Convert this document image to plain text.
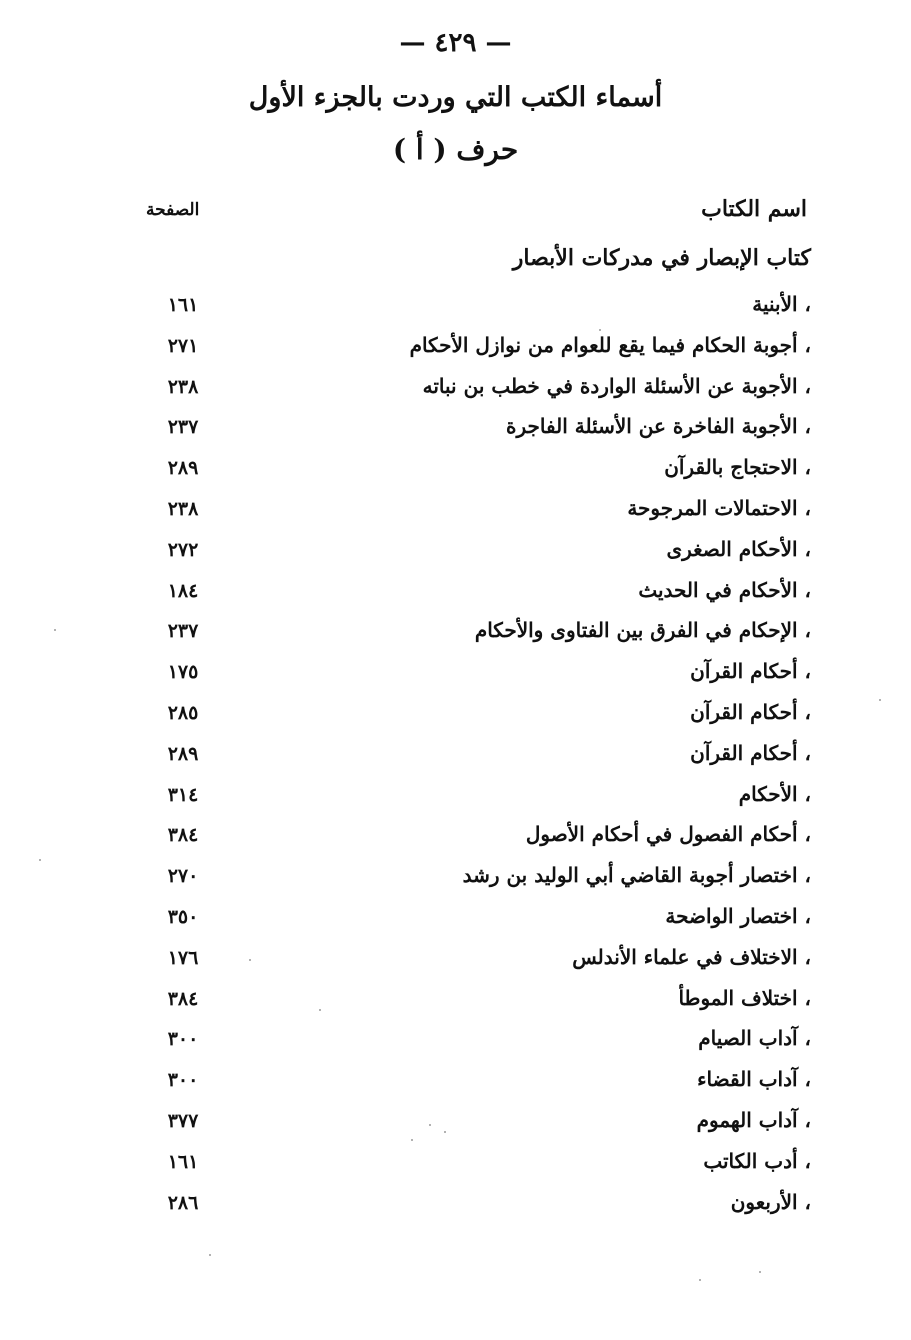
— ٤٢٩ —
أسماء الكتب التي وردت بالجزء الأول
حرف ( أ )
اسم الكتاب
الصفحة
كتاب الإبصار في مدركات الأبصار
، الأبنية
١٦١
، أجوبة الحكام فيما يقع للعوام من نوازل الأحكام
٢٧١
، الأجوبة عن الأسئلة الواردة في خطب بن نباته
٢٣٨
، الأجوبة الفاخرة عن الأسئلة الفاجرة
٢٣٧
، الاحتجاج بالقرآن
٢٨٩
، الاحتمالات المرجوحة
٢٣٨
، الأحكام الصغرى
٢٧٢
، الأحكام في الحديث
١٨٤
، الإحكام في الفرق بين الفتاوى والأحكام
٢٣٧
، أحكام القرآن
١٧٥
، أحكام القرآن
٢٨٥
، أحكام القرآن
٢٨٩
، الأحكام
٣١٤
، أحكام الفصول في أحكام الأصول
٣٨٤
، اختصار أجوبة القاضي أبي الوليد بن رشد
٢٧٠
، اختصار الواضحة
٣٥٠
، الاختلاف في علماء الأندلس
١٧٦
، اختلاف الموطأ
٣٨٤
، آداب الصيام
٣٠٠
، آداب القضاء
٣٠٠
، آداب الهموم
٣٧٧
، أدب الكاتب
١٦١
، الأربعون
٢٨٦
